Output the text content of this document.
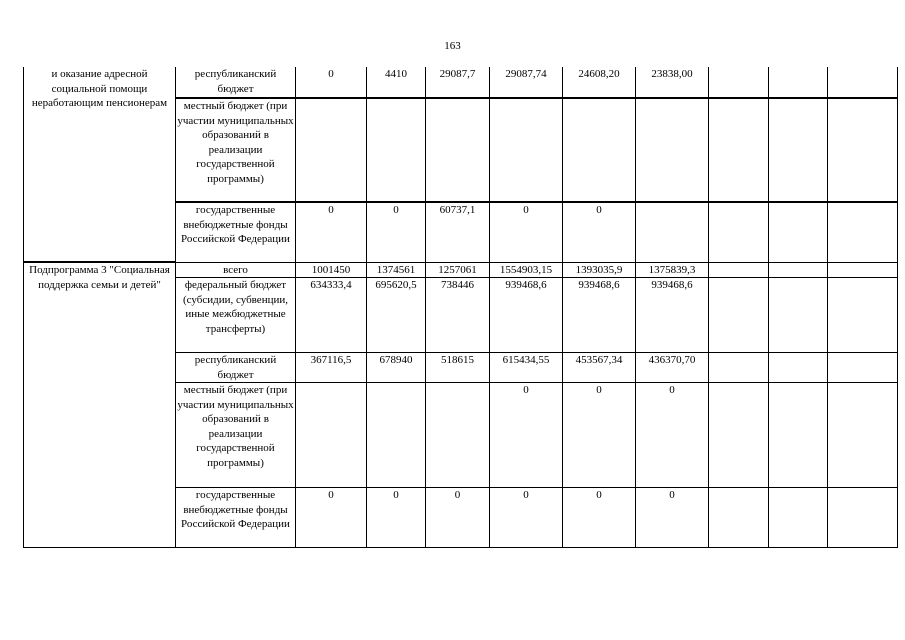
163
и оказание адресной социальной помощи неработающим пенсионерам	республиканский бюджет	0	4410	29087,7	29087,74	24608,20	23838,00			
	местный бюджет (при участии муниципальных образований в реализации государственной программы)									
	государственные внебюджетные фонды Российской Федерации	0	0	60737,1	0	0				
Подпрограмма 3 "Социальная поддержка семьи и детей"	всего	1001450	1374561	1257061	1554903,15	1393035,9	1375839,3			
	федеральный бюджет (субсидии, субвенции, иные межбюджетные трансферты)	634333,4	695620,5	738446	939468,6	939468,6	939468,6			
	республиканский бюджет	367116,5	678940	518615	615434,55	453567,34	436370,70			
	местный бюджет (при участии муниципальных образований в реализации государственной программы)				0	0	0			
	государственные внебюджетные фонды Российской Федерации	0	0	0	0	0	0			
